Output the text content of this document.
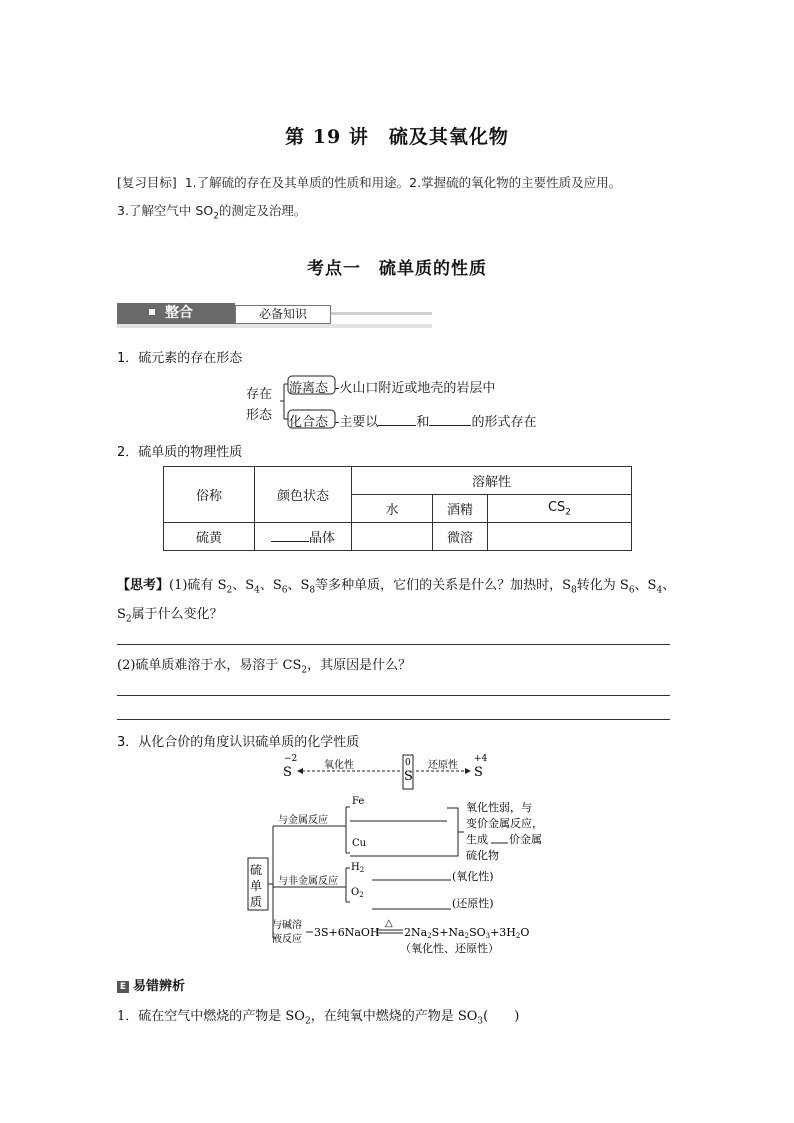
第 19 讲　硫及其氧化物
[复习目标] 1.了解硫的存在及其单质的性质和用途。2.掌握硫的氧化物的主要性质及应用。
3.了解空气中 $SO_2$的测定及治理。
考点一　硫单质的性质
整合	必备知识
1．硫元素的存在形态
存在
形态
游离态 -火山口附近或地壳的岩层中
化合态 -主要以	和	的形式存在
2．硫单质的物理性质
俗称	颜色状态	溶解性		
		水	酒精	$CS_2$
硫黄	晶体		微溶	
【思考】(1)硫有 $S_2$、$S_4$、$S_6$、$S_8$等多种单质，它们的关系是什么？加热时，$S_8$转化为 $S_6$、$S_4$、
$S_2$属于什么变化？
(2)硫单质难溶于水，易溶于 $CS_2$，其原因是什么？
3．从化合价的角度认识硫单质的化学性质
−2
S	氧化性	0
S
还原性
+4
S
硫
单
质
与金属反应
与非金属反应
与碱溶
液反应
Fe
Cu
氧化性弱，与
变价金属反应，
生成 价金属
硫化物
$H_2$	(氧化性)
$O_2$
(还原性)
3S+6NaOH
△
2Na2S+Na2SO3+3H2O
（氧化性、还原性）
E 易错辨析
1．硫在空气中燃烧的产物是 $SO_2$，在纯氧中燃烧的产物是 $SO_3$(　　)
